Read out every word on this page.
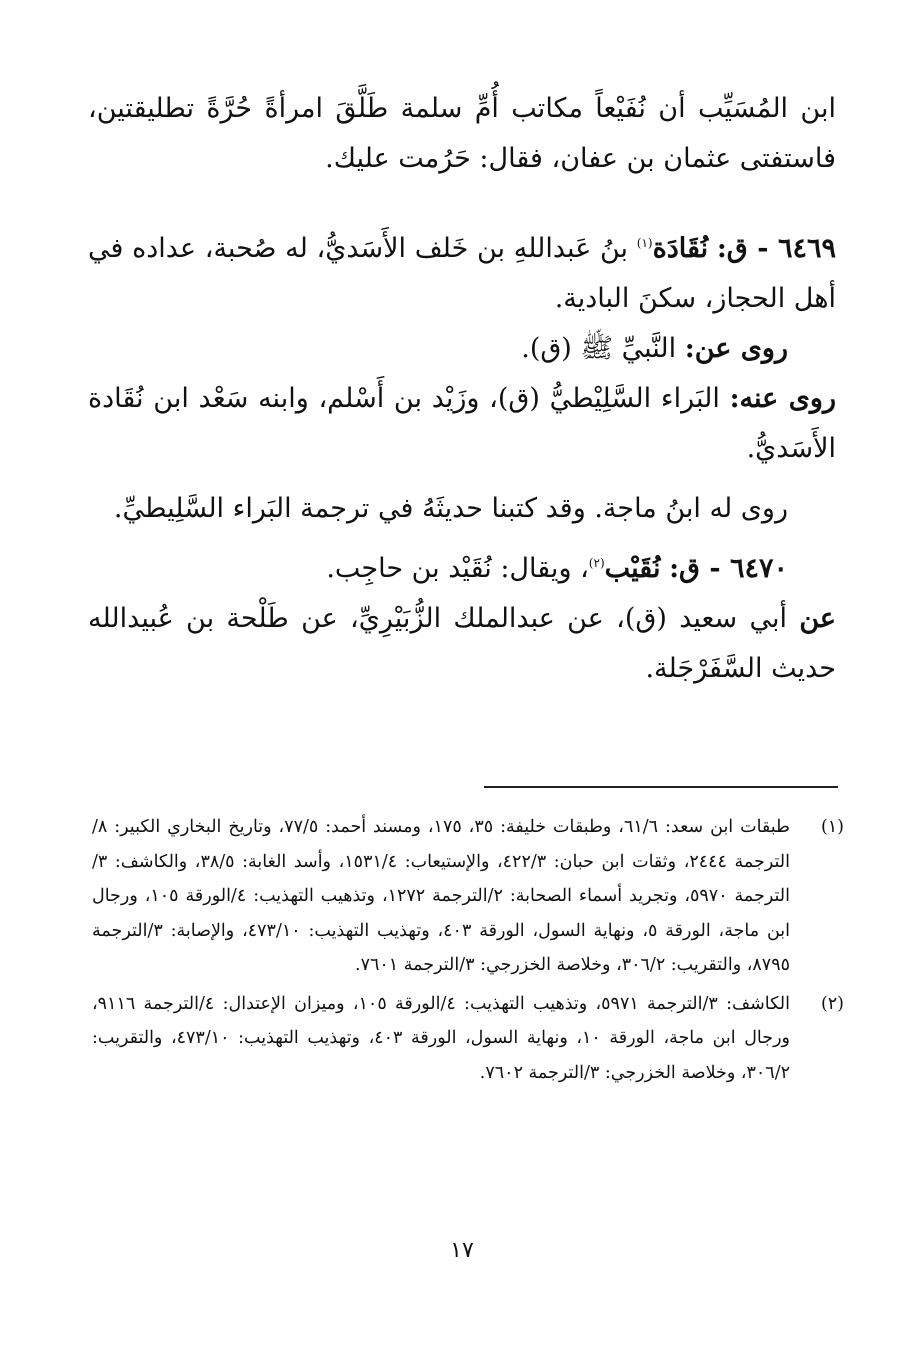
ابن المُسَيِّب أن نُفَيْعاً مكاتب أُمِّ سلمة طَلَّقَ امرأةً حُرَّةً تطليقتين، فاستفتى عثمان بن عفان، فقال: حَرُمت عليك.

٦٤٦٩ - ق: نُقَادَة$^{(١)}$ بنُ عَبداللهِ بن خَلف الأَسَديُّ، له صُحبة، عداده في أهل الحجاز، سكنَ البادية.

روى عن: النَّبيِّ ﷺ (ق).

روى عنه: البَراء السَّلِيْطيُّ (ق)، وزَيْد بن أَسْلم، وابنه سَعْد ابن نُقَادة الأَسَديُّ.

روى له ابنُ ماجة. وقد كتبنا حديثَهُ في ترجمة البَراء السَّلِيطيِّ.

٦٤٧٠ - ق: نُقَيْب$^{(٢)}$، ويقال: نُقَيْد بن حاجِب.

عن أبي سعيد (ق)، عن عبدالملك الزُّبَيْرِيِّ، عن طَلْحة بن عُبيدالله حديث السَّفَرْجَلة.

(١)
طبقات ابن سعد: ٦١/٦، وطبقات خليفة: ٣٥، ١٧٥، ومسند أحمد: ٧٧/٥، وتاريخ البخاري الكبير: ٨/الترجمة ٢٤٤٤، وثقات ابن حبان: ٤٢٢/٣، والإستيعاب: ١٥٣١/٤، وأسد الغابة: ٣٨/٥، والكاشف: ٣/الترجمة ٥٩٧٠، وتجريد أسماء الصحابة: ٢/الترجمة ١٢٧٢، وتذهيب التهذيب: ٤/الورقة ١٠٥، ورجال ابن ماجة، الورقة ٥، ونهاية السول، الورقة ٤٠٣، وتهذيب التهذيب: ٤٧٣/١٠، والإصابة: ٣/الترجمة ٨٧٩٥، والتقريب: ٣٠٦/٢، وخلاصة الخزرجي: ٣/الترجمة ٧٦٠١.
(٢)
الكاشف: ٣/الترجمة ٥٩٧١، وتذهيب التهذيب: ٤/الورقة ١٠٥، وميزان الإعتدال: ٤/الترجمة ٩١١٦، ورجال ابن ماجة، الورقة ١٠، ونهاية السول، الورقة ٤٠٣، وتهذيب التهذيب: ٤٧٣/١٠، والتقريب: ٣٠٦/٢، وخلاصة الخزرجي: ٣/الترجمة ٧٦٠٢.
١٧
